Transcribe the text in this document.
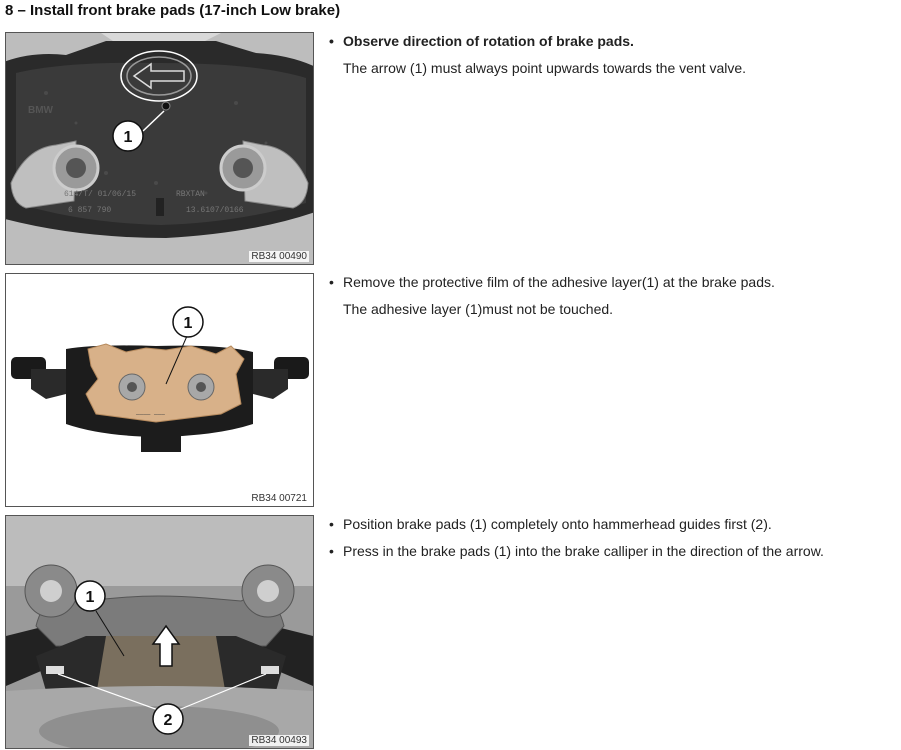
8 – Install front brake pads (17-inch Low brake)
BMW
614/T/ 01/06/15
6 857 790
RBXTAN
13.6107/0166
1
RB34 00490
• Observe direction of rotation of brake pads.
The arrow (1) must always point upwards towards the vent valve.
———— ———
1
RB34 00721
• Remove the protective film of the adhesive layer(1) at the brake pads.
The adhesive layer (1)must not be touched.
1
2
RB34 00493
• Position brake pads (1) completely onto hammerhead guides first (2).
• Press in the brake pads (1) into the brake calliper in the direction of the arrow.
